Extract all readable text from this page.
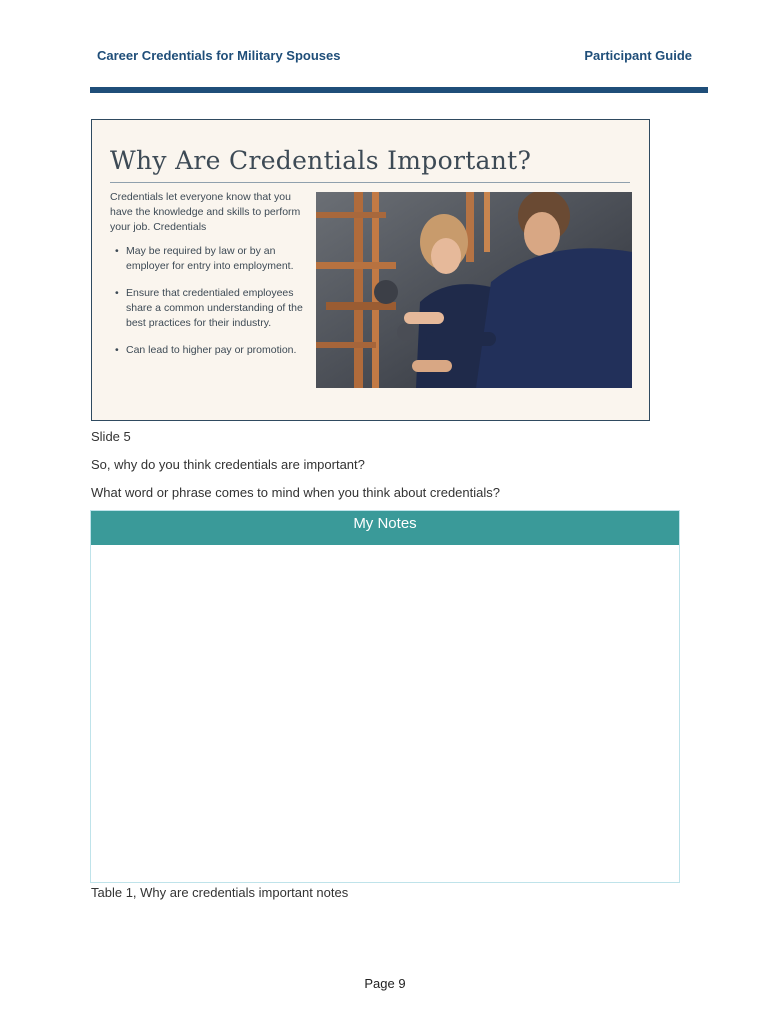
Career Credentials for Military Spouses	Participant Guide
Why Are Credentials Important?
Credentials let everyone know that you have the knowledge and skills to perform your job. Credentials
• May be required by law or by an employer for entry into employment.
• Ensure that credentialed employees share a common understanding of the best practices for their industry.
• Can lead to higher pay or promotion.
Slide 5
So, why do you think credentials are important?
What word or phrase comes to mind when you think about credentials?
My Notes
Table 1, Why are credentials important notes
Page 9
